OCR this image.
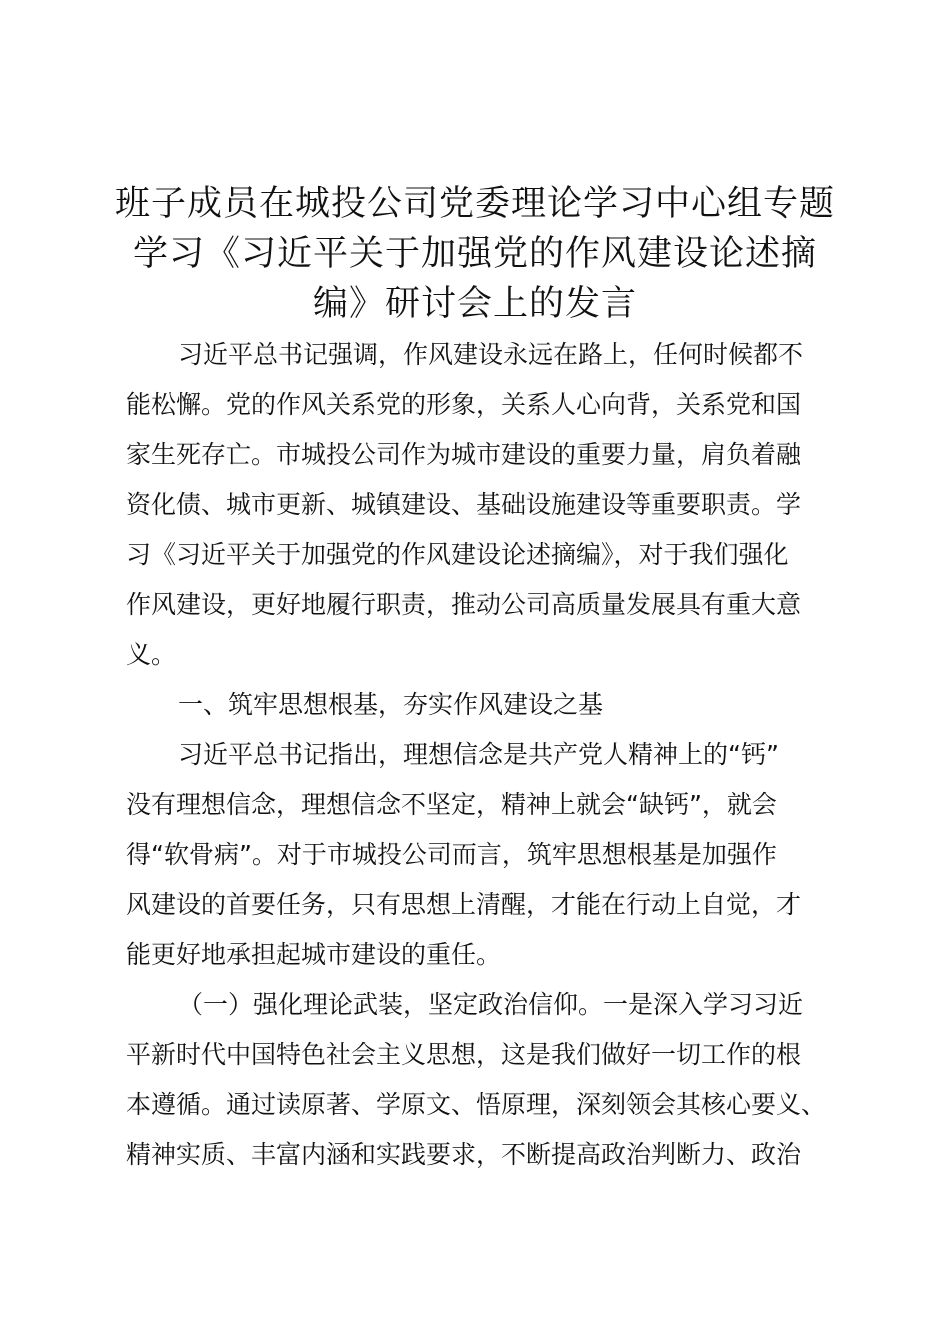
班子成员在城投公司党委理论学习中心组专题
学习《习近平关于加强党的作风建设论述摘
编》研讨会上的发言
习近平总书记强调，作风建设永远在路上，任何时候都不
能松懈。党的作风关系党的形象，关系人心向背，关系党和国
家生死存亡。市城投公司作为城市建设的重要力量，肩负着融
资化债、城市更新、城镇建设、基础设施建设等重要职责。学
习《习近平关于加强党的作风建设论述摘编》，对于我们强化
作风建设，更好地履行职责，推动公司高质量发展具有重大意
义。
一、筑牢思想根基，夯实作风建设之基
习近平总书记指出，理想信念是共产党人精神上的“钙”
没有理想信念，理想信念不坚定，精神上就会“缺钙”，就会
得“软骨病”。对于市城投公司而言，筑牢思想根基是加强作
风建设的首要任务，只有思想上清醒，才能在行动上自觉，才
能更好地承担起城市建设的重任。
（一）强化理论武装，坚定政治信仰。一是深入学习习近
平新时代中国特色社会主义思想，这是我们做好一切工作的根
本遵循。通过读原著、学原文、悟原理，深刻领会其核心要义、
精神实质、丰富内涵和实践要求，不断提高政治判断力、政治
